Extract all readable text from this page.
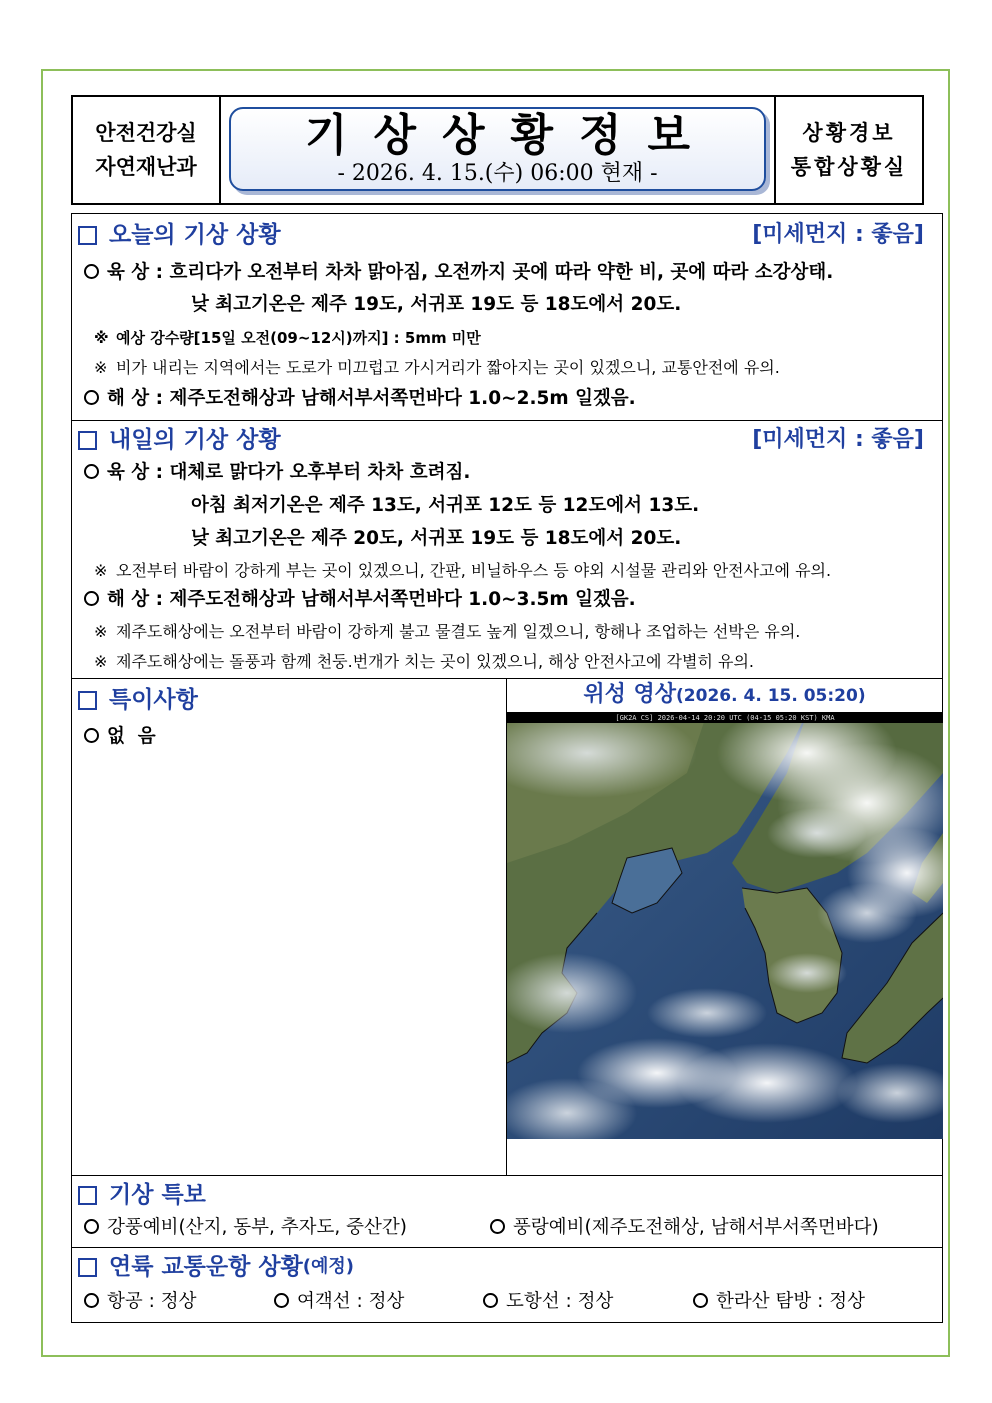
안전건강실
자연재난과
기상상황정보
- 2026. 4. 15.(수) 06:00 현재 -
상황경보
통합상황실
오늘의 기상 상황	[미세먼지 : 좋음]
육 상 : 흐리다가 오전부터 차차 맑아짐, 오전까지 곳에 따라 약한 비, 곳에 따라 소강상태.
낮 최고기온은 제주 19도, 서귀포 19도 등 18도에서 20도.
※ 예상 강수량[15일 오전(09~12시)까지] : 5mm 미만
※ 비가 내리는 지역에서는 도로가 미끄럽고 가시거리가 짧아지는 곳이 있겠으니, 교통안전에 유의.
해 상 : 제주도전해상과 남해서부서쪽먼바다 1.0~2.5m 일겠음.
내일의 기상 상황	[미세먼지 : 좋음]
육 상 : 대체로 맑다가 오후부터 차차 흐려짐.
아침 최저기온은 제주 13도, 서귀포 12도 등 12도에서 13도.
낮 최고기온은 제주 20도, 서귀포 19도 등 18도에서 20도.
※ 오전부터 바람이 강하게 부는 곳이 있겠으니, 간판, 비닐하우스 등 야외 시설물 관리와 안전사고에 유의.
해 상 : 제주도전해상과 남해서부서쪽먼바다 1.0~3.5m 일겠음.
※ 제주도해상에는 오전부터 바람이 강하게 불고 물결도 높게 일겠으니, 항해나 조업하는 선박은 유의.
※ 제주도해상에는 돌풍과 함께 천둥.번개가 치는 곳이 있겠으니, 해상 안전사고에 각별히 유의.
특이사항
없  음
위성 영상(2026. 4. 15. 05:20)
[GK2A CS] 2026-04-14 20:20 UTC (04-15 05:20 KST) KMA
기상 특보
강풍예비(산지, 동부, 추자도, 중산간)	풍랑예비(제주도전해상, 남해서부서쪽먼바다)
연륙 교통운항 상황 (예정)
항공 : 정상	여객선 : 정상	도항선 : 정상	한라산 탐방 : 정상
